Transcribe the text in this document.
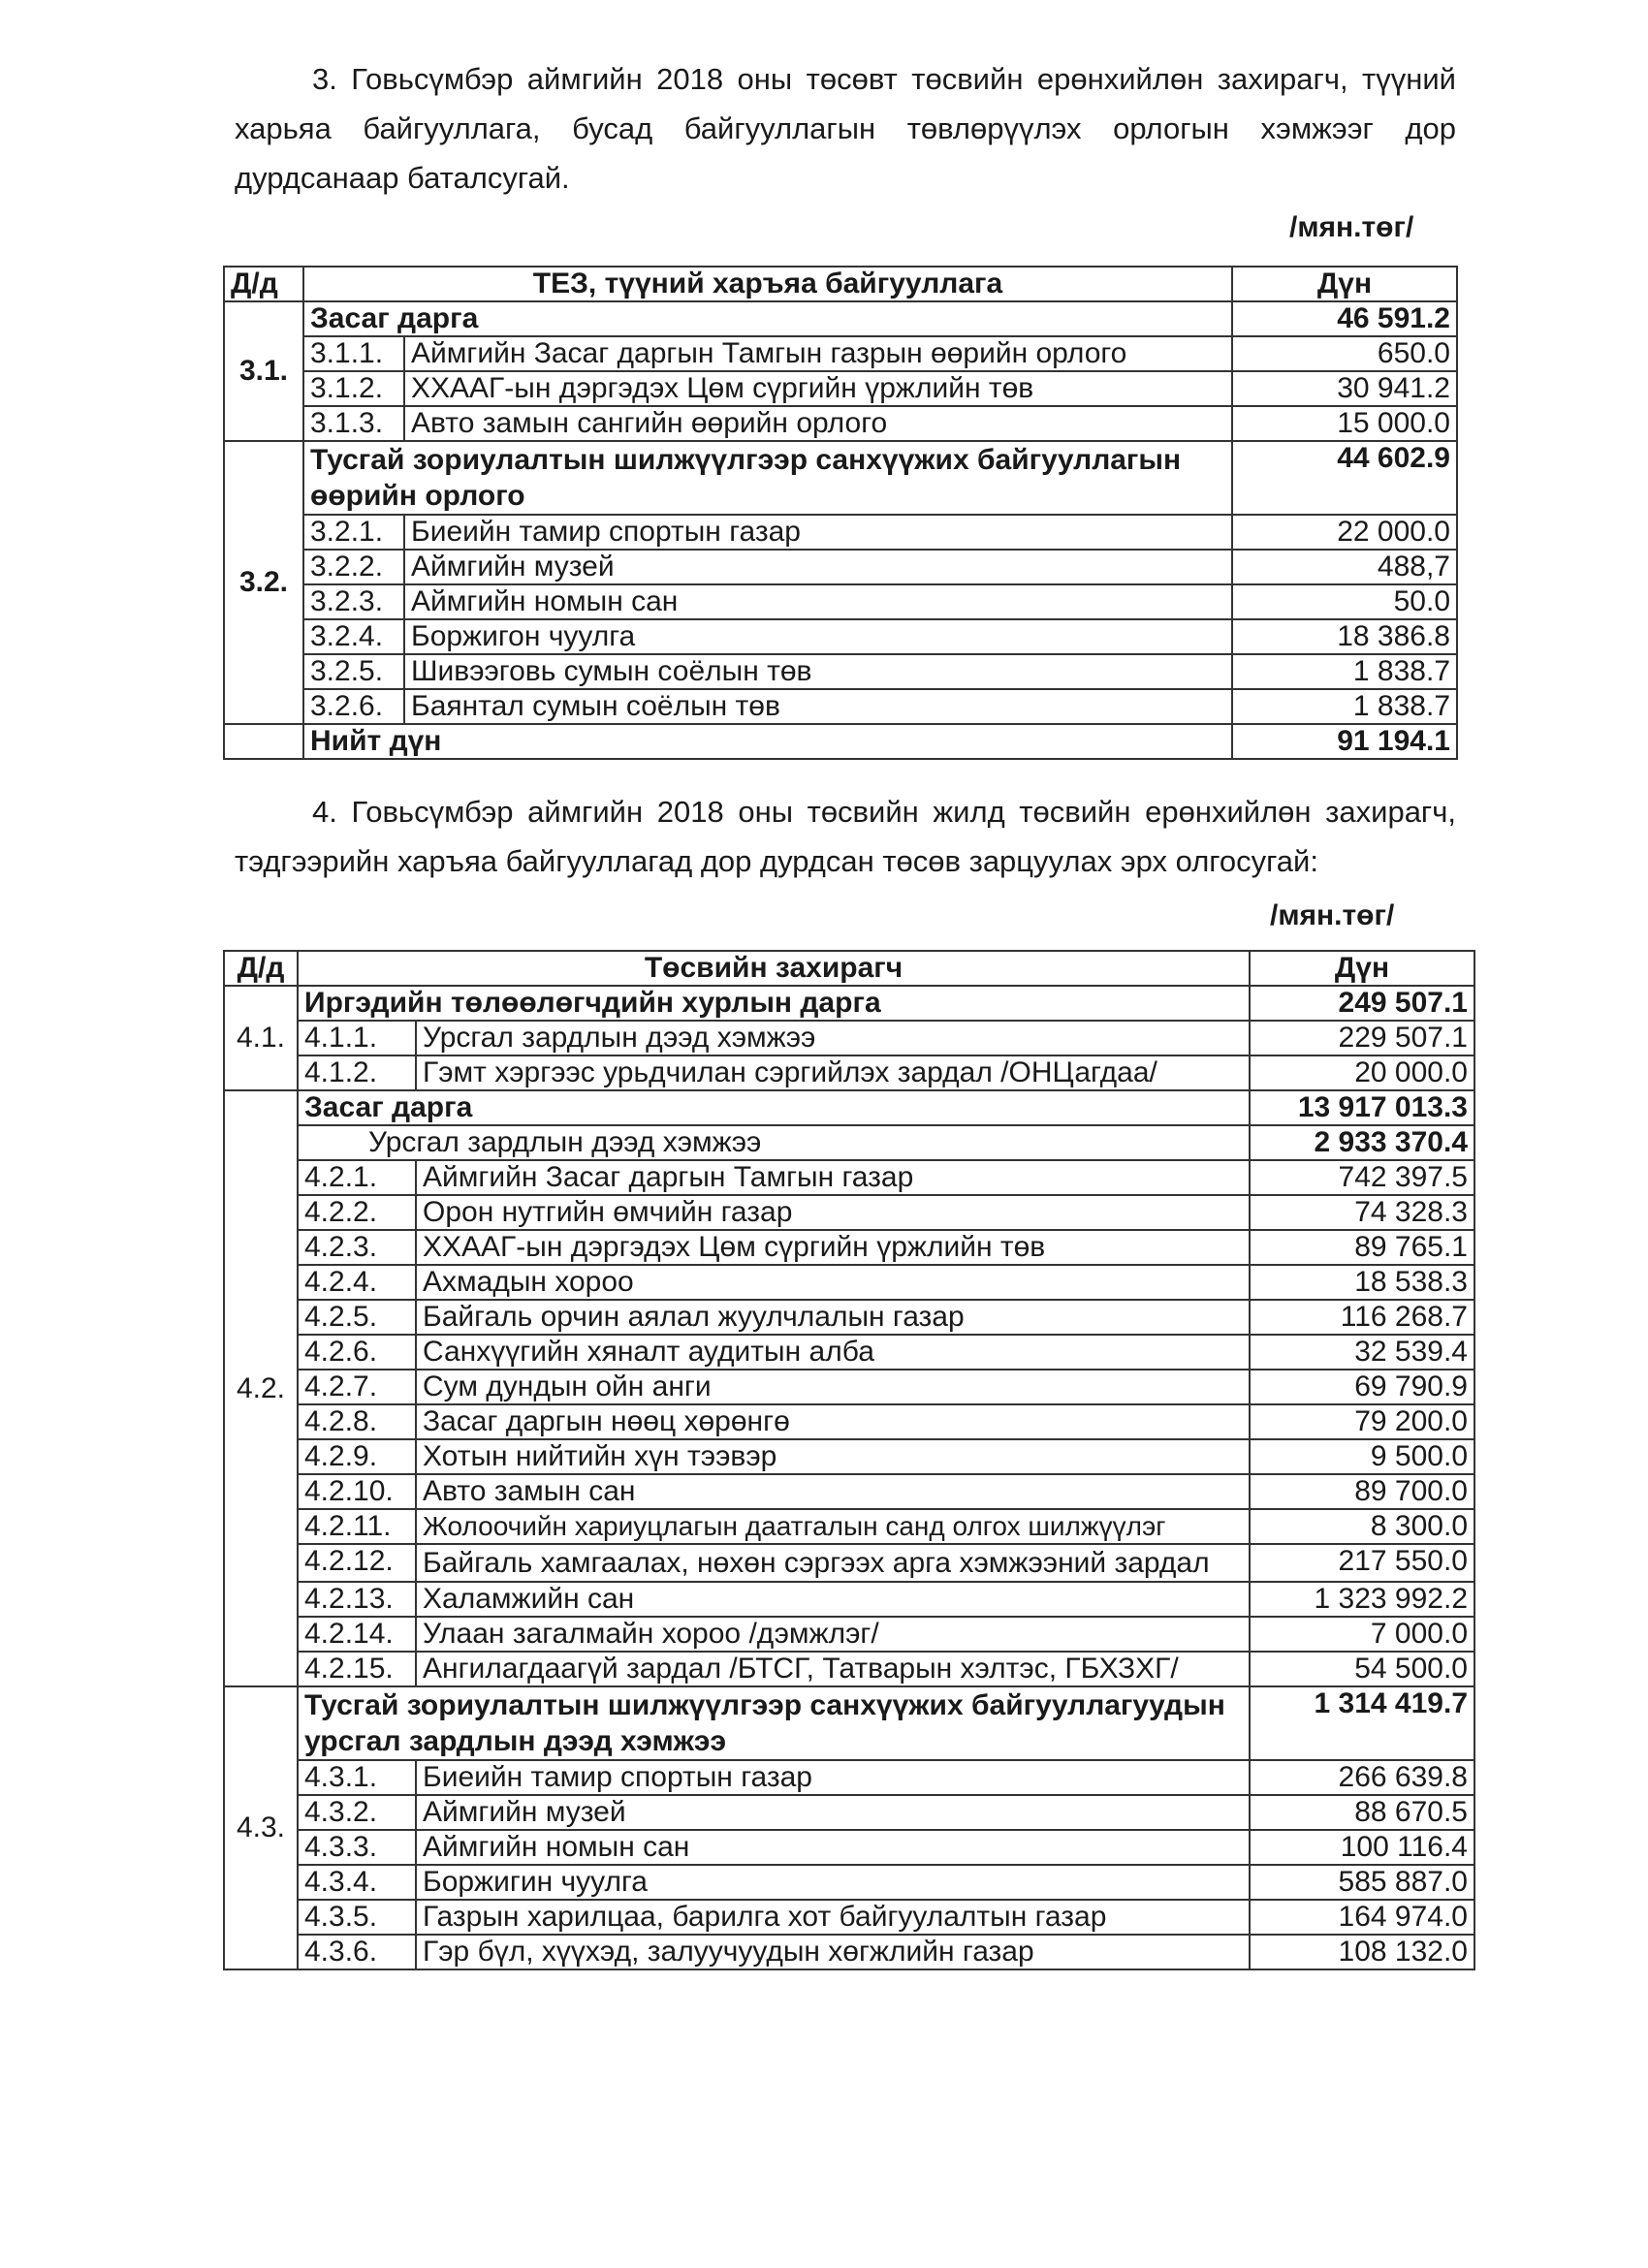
3. Говьсүмбэр аймгийн 2018 оны төсөвт төсвийн ерөнхийлөн захирагч, түүний харьяа байгууллага, бусад байгууллагын төвлөрүүлэх орлогын хэмжээг дор дурдсанаар баталсугай.
/мян.төг/
Д/д	ТЕЗ, түүний харъяа байгууллага		Дүн
3.1.	Засаг дарга		46 591.2
	3.1.1.	Аймгийн Засаг даргын Тамгын газрын өөрийн орлого	650.0
	3.1.2.	ХХААГ-ын дэргэдэх Цөм сүргийн үржлийн төв	30 941.2
	3.1.3.	Авто замын сангийн өөрийн орлого	15 000.0
3.2.	Тусгай зориулалтын шилжүүлгээр санхүүжих байгууллагын өөрийн орлого		44 602.9
	3.2.1.	Биеийн тамир спортын газар	22 000.0
	3.2.2.	Аймгийн музей	488,7
	3.2.3.	Аймгийн номын сан	50.0
	3.2.4.	Боржигон чуулга	18 386.8
	3.2.5.	Шивээговь сумын соёлын төв	1 838.7
	3.2.6.	Баянтал сумын соёлын төв	1 838.7
	Нийт дүн		91 194.1
4. Говьсүмбэр аймгийн 2018 оны төсвийн жилд төсвийн ерөнхийлөн захирагч, тэдгээрийн харъяа байгууллагад дор дурдсан төсөв зарцуулах эрх олгосугай:
/мян.төг/
Д/д	Төсвийн захирагч		Дүн
4.1.	Иргэдийн төлөөлөгчдийн хурлын дарга		249 507.1
	4.1.1.	Урсгал зардлын дээд хэмжээ	229 507.1
	4.1.2.	Гэмт хэргээс урьдчилан сэргийлэх зардал /ОНЦагдаа/	20 000.0
4.2.	Засаг дарга		13 917 013.3
	Урсгал зардлын дээд хэмжээ		2 933 370.4
	4.2.1.	Аймгийн Засаг даргын Тамгын газар	742 397.5
	4.2.2.	Орон нутгийн өмчийн газар	74 328.3
	4.2.3.	ХХААГ-ын дэргэдэх Цөм сүргийн үржлийн төв	89 765.1
	4.2.4.	Ахмадын хороо	18 538.3
	4.2.5.	Байгаль орчин аялал жуулчлалын газар	116 268.7
	4.2.6.	Санхүүгийн хяналт аудитын алба	32 539.4
	4.2.7.	Сум дундын ойн анги	69 790.9
	4.2.8.	Засаг даргын нөөц хөрөнгө	79 200.0
	4.2.9.	Хотын нийтийн хүн тээвэр	9 500.0
	4.2.10.	Авто замын сан	89 700.0
	4.2.11.	Жолоочийн хариуцлагын даатгалын санд олгох шилжүүлэг	8 300.0
	4.2.12.	Байгаль хамгаалах, нөхөн сэргээх арга хэмжээний зардал	217 550.0
	4.2.13.	Халамжийн сан	1 323 992.2
	4.2.14.	Улаан загалмайн хороо /дэмжлэг/	7 000.0
	4.2.15.	Ангилагдаагүй зардал /БТСГ, Татварын хэлтэс, ГБХЗХГ/	54 500.0
4.3.	Тусгай зориулалтын шилжүүлгээр санхүүжих байгууллагуудын урсгал зардлын дээд хэмжээ		1 314 419.7
	4.3.1.	Биеийн тамир спортын газар	266 639.8
	4.3.2.	Аймгийн музей	88 670.5
	4.3.3.	Аймгийн номын сан	100 116.4
	4.3.4.	Боржигин чуулга	585 887.0
	4.3.5.	Газрын харилцаа, барилга хот байгуулалтын газар	164 974.0
	4.3.6.	Гэр бүл, хүүхэд, залуучуудын хөгжлийн газар	108 132.0
